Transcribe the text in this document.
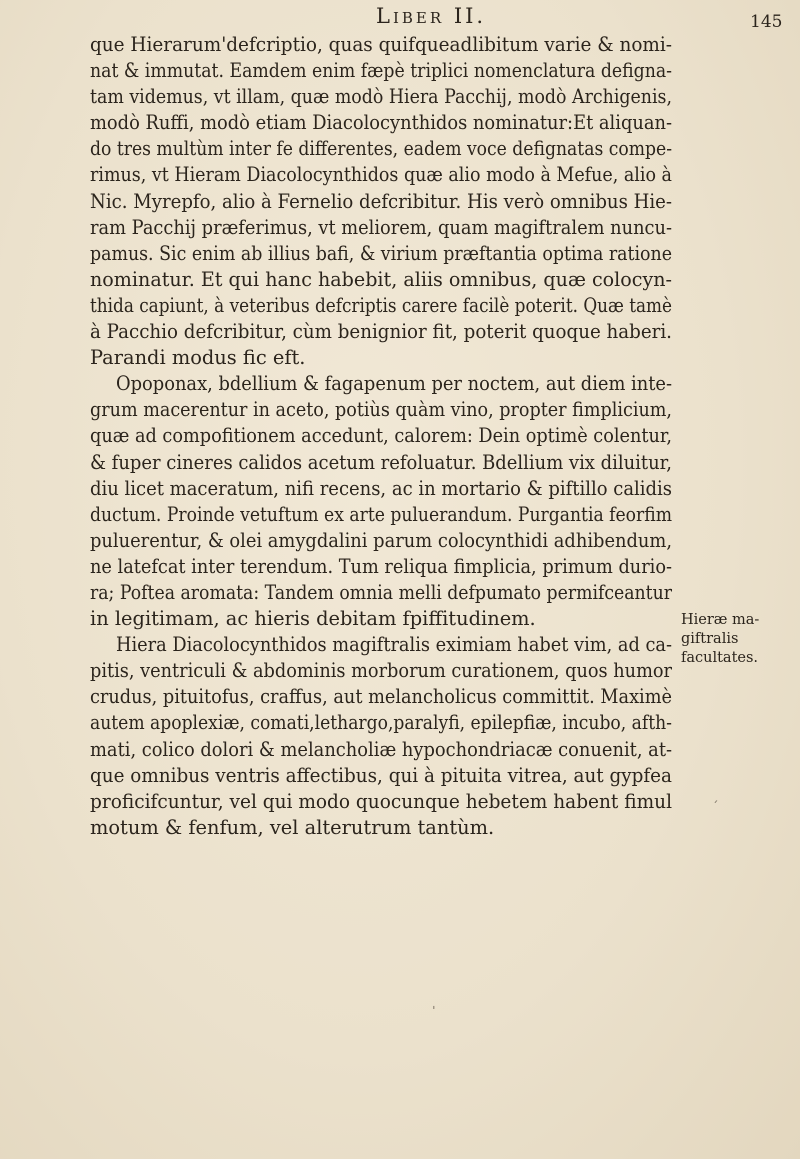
Liber II.	145
que Hierarum'defcriptio, quas quifqueadlibitum varie & nomi-
nat & immutat. Eamdem enim fæpè triplici nomenclatura defigna-
tam videmus, vt illam, quæ modò Hiera Pacchij, modò Archigenis,
modò Ruffi, modò etiam Diacolocynthidos nominatur:Et aliquan-
do tres multùm inter fe differentes, eadem voce defignatas compe-
rimus, vt Hieram Diacolocynthidos quæ alio modo à Mefue, alio à
Nic. Myrepfo, alio à Fernelio defcribitur. His verò omnibus Hie-
ram Pacchij præferimus, vt meliorem, quam magiftralem nuncu-
pamus. Sic enim ab illius bafi, & virium præftantia optima ratione
nominatur. Et qui hanc habebit, aliis omnibus, quæ colocyn-
thida capiunt, à veteribus defcriptis carere facilè poterit. Quæ tamè
à Pacchio defcribitur, cùm benignior fit, poterit quoque haberi.
Parandi modus fic eft.
Opoponax, bdellium & fagapenum per noctem, aut diem inte-
grum macerentur in aceto, potiùs quàm vino, propter fimplicium,
quæ ad compofitionem accedunt, calorem: Dein optimè colentur,
& fuper cineres calidos acetum refoluatur. Bdellium vix diluitur,
diu licet maceratum, nifi recens, ac in mortario & piftillo calidis
ductum. Proinde vetuftum ex arte puluerandum. Purgantia feorfim
puluerentur, & olei amygdalini parum colocynthidi adhibendum,
ne latefcat inter terendum. Tum reliqua fimplicia, primum durio-
ra; Poftea aromata: Tandem omnia melli defpumato permifceantur
in legitimam, ac hieris debitam fpiffitudinem.
Hiera Diacolocynthidos magiftralis eximiam habet vim, ad ca-
pitis, ventriculi & abdominis morborum curationem, quos humor
crudus, pituitofus, craffus, aut melancholicus committit. Maximè
autem apoplexiæ, comati,lethargo,paralyfi, epilepfiæ, incubo, afth-
mati, colico dolori & melancholiæ hypochondriacæ conuenit, at-
que omnibus ventris affectibus, qui à pituita vitrea, aut gypfea
proficifcuntur, vel qui modo quocunque hebetem habent fimul
motum & fenfum, vel alterutrum tantùm.
Hieræ ma-
giftralis
facultates.
ˊ
ˈ
